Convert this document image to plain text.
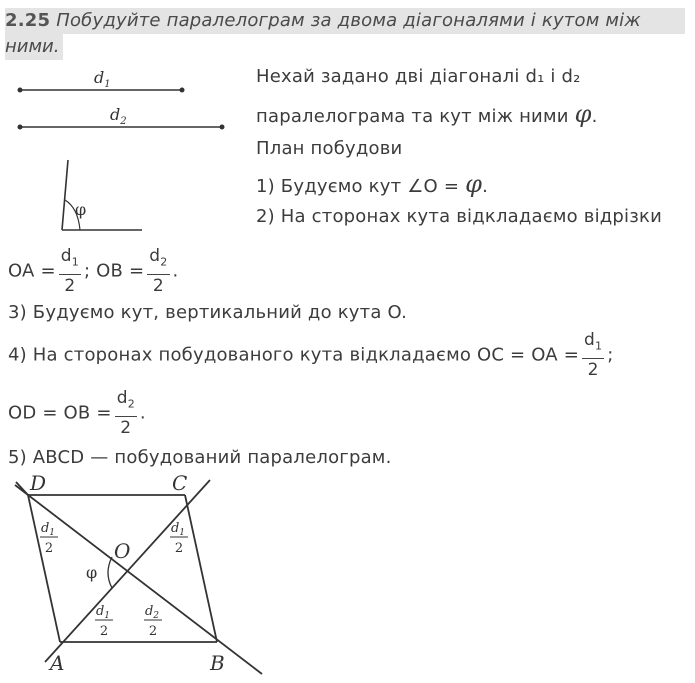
2.25 Побудуйте паралелограм за двома діагоналями і кутом між
ними.
$d_1$
$d_2$
φ
Нехай задано дві діагоналі d₁ і d₂
паралелограма та кут між ними φ.
План побудови
1) Будуємо кут ∠O = φ.
2) На сторонах кута відкладаємо відрізки
OA = $\frac{d_1}{2}$ ; OB = $\frac{d_2}{2}$ .
3) Будуємо кут, вертикальний до кута O.
4) На сторонах побудованого кута відкладаємо OC = OA = $\frac{d_1}{2}$ ;
OD = OB = $\frac{d_2}{2}$ .
5) ABCD — побудований паралелограм.
D	C
A	B
O
φ
$d_1$
2
$d_1$
2
$d_1$
2
$d_2$
2
